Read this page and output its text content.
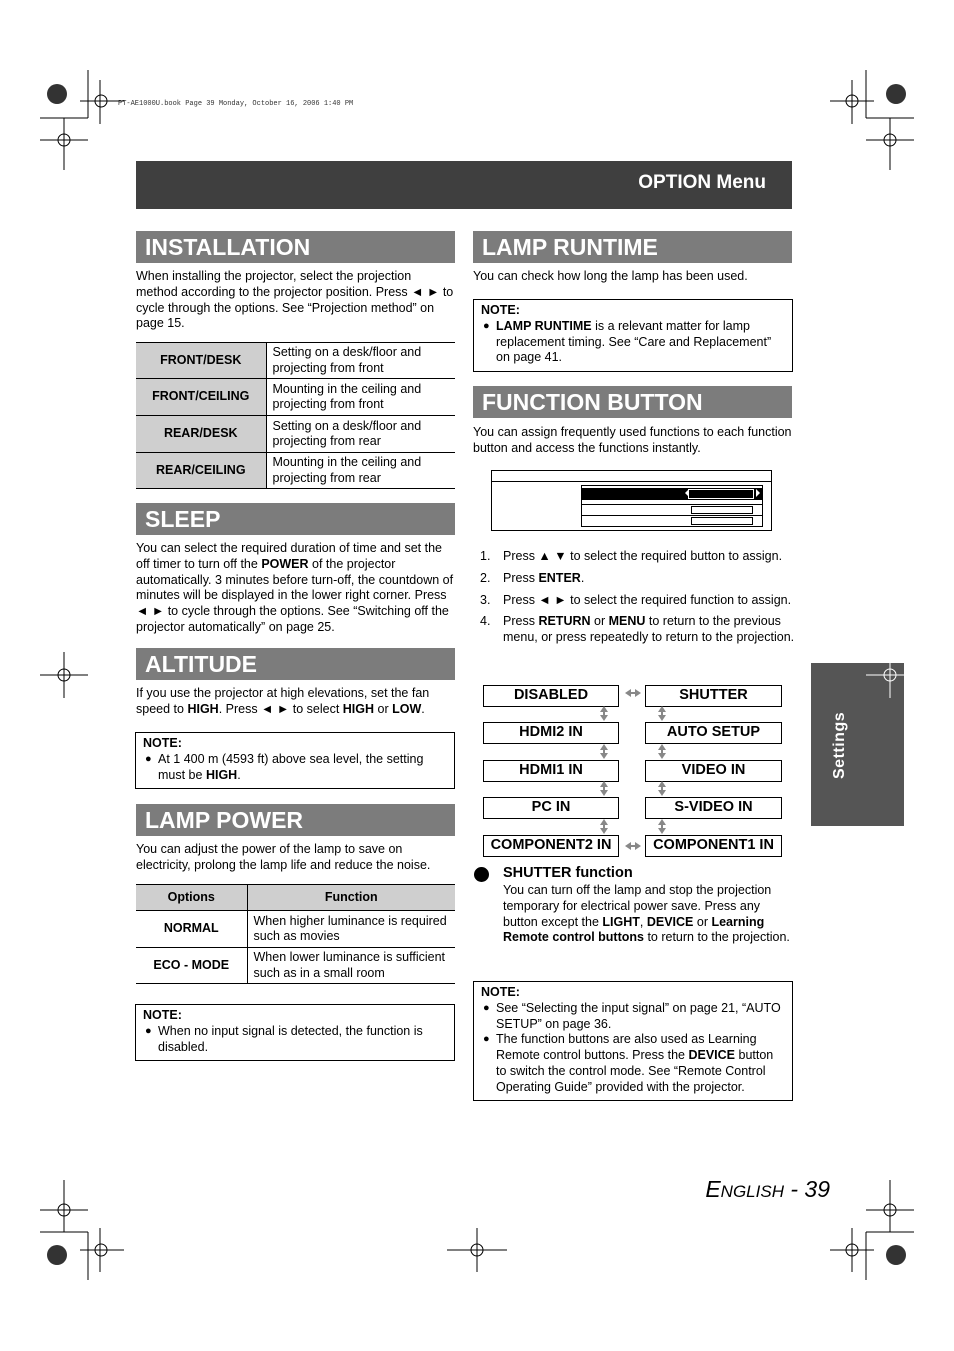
PT-AE1000U.book Page 39 Monday, October 16, 2006 1:40 PM
OPTION Menu
INSTALLATION
When installing the projector, select the projection method according to the projector position. Press ◄ ► to cycle through the options. See “Projection method” on page 15.
FRONT/DESK	Setting on a desk/floor and projecting from front
FRONT/CEILING	Mounting in the ceiling and projecting from front
REAR/DESK	Setting on a desk/floor and projecting from rear
REAR/CEILING	Mounting in the ceiling and projecting from rear
SLEEP
You can select the required duration of time and set the off timer to turn off the POWER of the projector automatically. 3 minutes before turn-off, the countdown of minutes will be displayed in the lower right corner. Press ◄ ► to cycle through the options. See “Switching off the projector automatically” on page 25.
ALTITUDE
If you use the projector at high elevations, set the fan speed to HIGH. Press ◄ ► to select HIGH or LOW.
NOTE:
● At 1 400 m (4593 ft) above sea level, the setting must be HIGH.
LAMP POWER
You can adjust the power of the lamp to save on electricity, prolong the lamp life and reduce the noise.
Options	Function
NORMAL	When higher luminance is required such as movies
ECO - MODE	When lower luminance is sufficient such as in a small room
NOTE:
● When no input signal is detected, the function is disabled.
LAMP RUNTIME
You can check how long the lamp has been used.
NOTE:
● LAMP RUNTIME is a relevant matter for lamp replacement timing. See “Care and Replacement” on page 41.
FUNCTION BUTTON
You can assign frequently used functions to each function button and access the functions instantly.
1. Press ▲ ▼ to select the required button to assign.
2. Press ENTER.
3. Press ◄ ► to select the required function to assign.
4. Press RETURN or MENU to return to the previous menu, or press repeatedly to return to the projection.
DISABLED
HDMI2 IN
HDMI1 IN
PC IN
COMPONENT2 IN
SHUTTER
AUTO SETUP
VIDEO IN
S-VIDEO IN
COMPONENT1 IN
SHUTTER function
You can turn off the lamp and stop the projection temporary for electrical power save. Press any button except the LIGHT, DEVICE or Learning Remote control buttons to return to the projection.
NOTE:
● See “Selecting the input signal” on page 21, “AUTO SETUP” on page 36.
● The function buttons are also used as Learning Remote control buttons. Press the DEVICE button to switch the control mode. See “Remote Control Operating Guide” provided with the projector.
Settings
ENGLISH - 39
